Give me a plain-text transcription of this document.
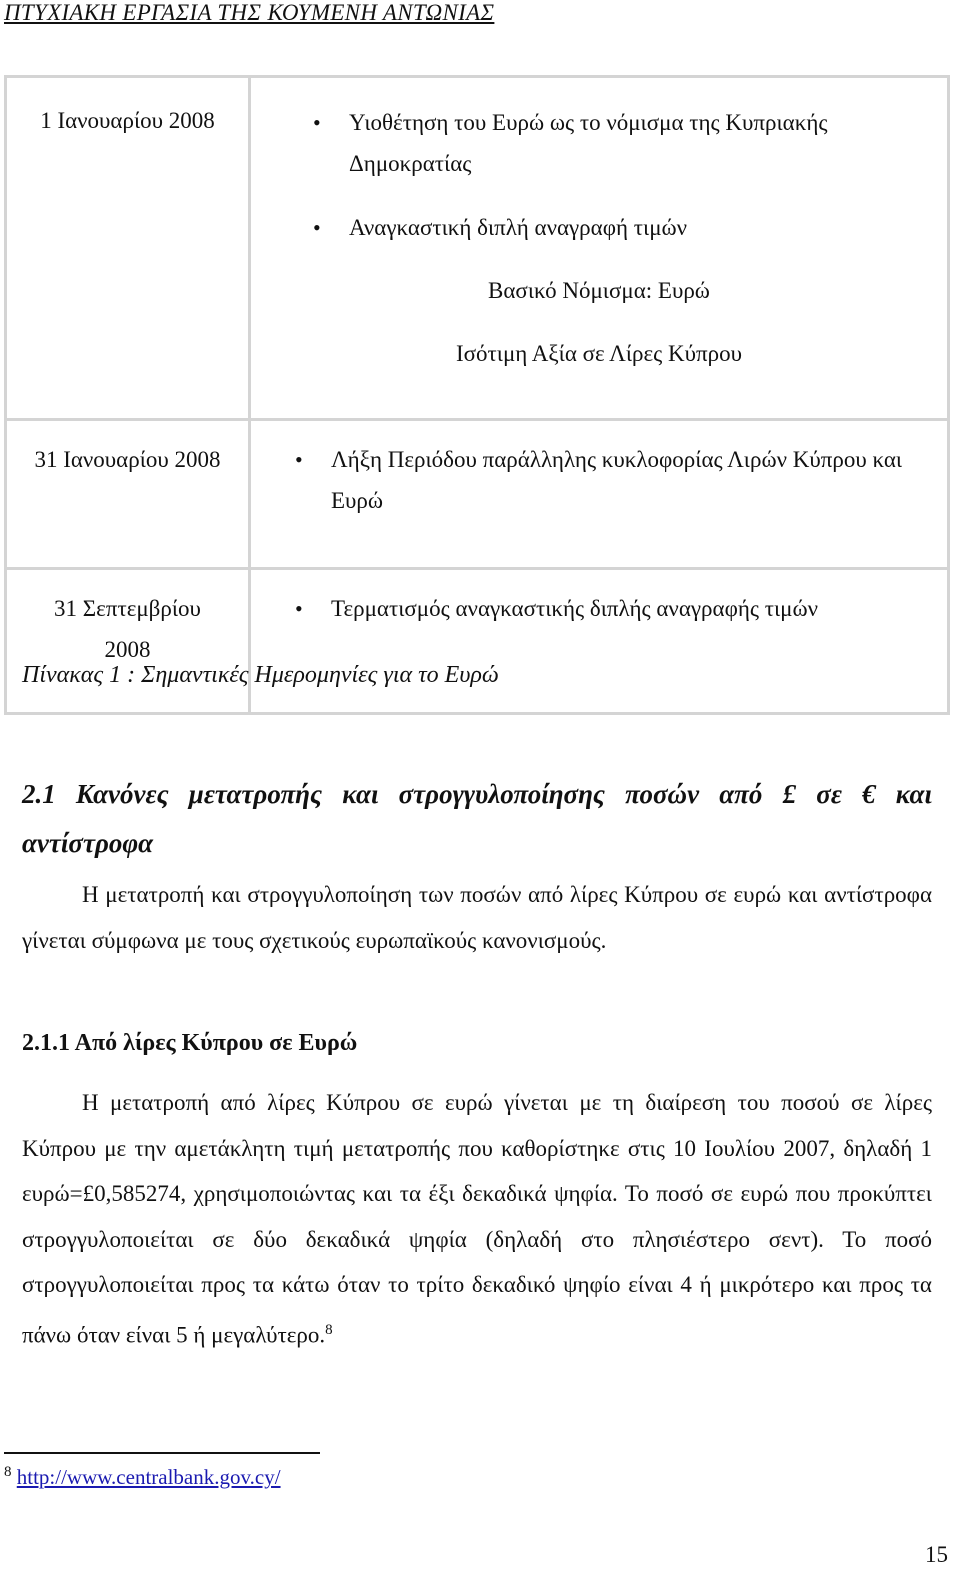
ΠΤΥΧΙΑΚΗ ΕΡΓΑΣΙΑ ΤΗΣ ΚΟΥΜΕΝΗ ΑΝΤΩΝΙΑΣ
1 Ιανουαρίου 2008	• Υιοθέτηση του Ευρώ ως το νόμισμα της Κυπριακής Δημοκρατίας
• Αναγκαστική διπλή αναγραφή τιμών
Βασικό Νόμισμα: Ευρώ
Ισότιμη Αξία σε Λίρες Κύπρου

31 Ιανουαρίου 2008	• Λήξη Περιόδου παράλληλης κυκλοφορίας Λιρών Κύπρου και Ευρώ

31 Σεπτεμβρίου
2008	• Τερματισμός αναγκαστικής διπλής αναγραφής τιμών
Πίνακας 1 : Σημαντικές Ημερομηνίες για το Ευρώ
2.1 Κανόνες μετατροπής και στρογγυλοποίησης ποσών από £ σε € και
αντίστροφα
Η μετατροπή και στρογγυλοποίηση των ποσών από λίρες Κύπρου σε ευρώ και αντίστροφα γίνεται σύμφωνα με τους σχετικούς ευρωπαϊκούς κανονισμούς.
2.1.1 Από λίρες Κύπρου σε Ευρώ
Η μετατροπή από λίρες Κύπρου σε ευρώ γίνεται με τη διαίρεση του ποσού σε λίρες Κύπρου με την αμετάκλητη τιμή μετατροπής που καθορίστηκε στις 10 Ιουλίου 2007, δηλαδή 1 ευρώ=£0,585274, χρησιμοποιώντας και τα έξι δεκαδικά ψηφία. Το ποσό σε ευρώ που προκύπτει στρογγυλοποιείται σε δύο δεκαδικά ψηφία (δηλαδή στο πλησιέστερο σεντ). Το ποσό στρογγυλοποιείται προς τα κάτω όταν το τρίτο δεκαδικό ψηφίο είναι 4 ή μικρότερο και προς τα πάνω όταν είναι 5 ή μεγαλύτερο.$^8$
$^8$ http://www.centralbank.gov.cy/
15
